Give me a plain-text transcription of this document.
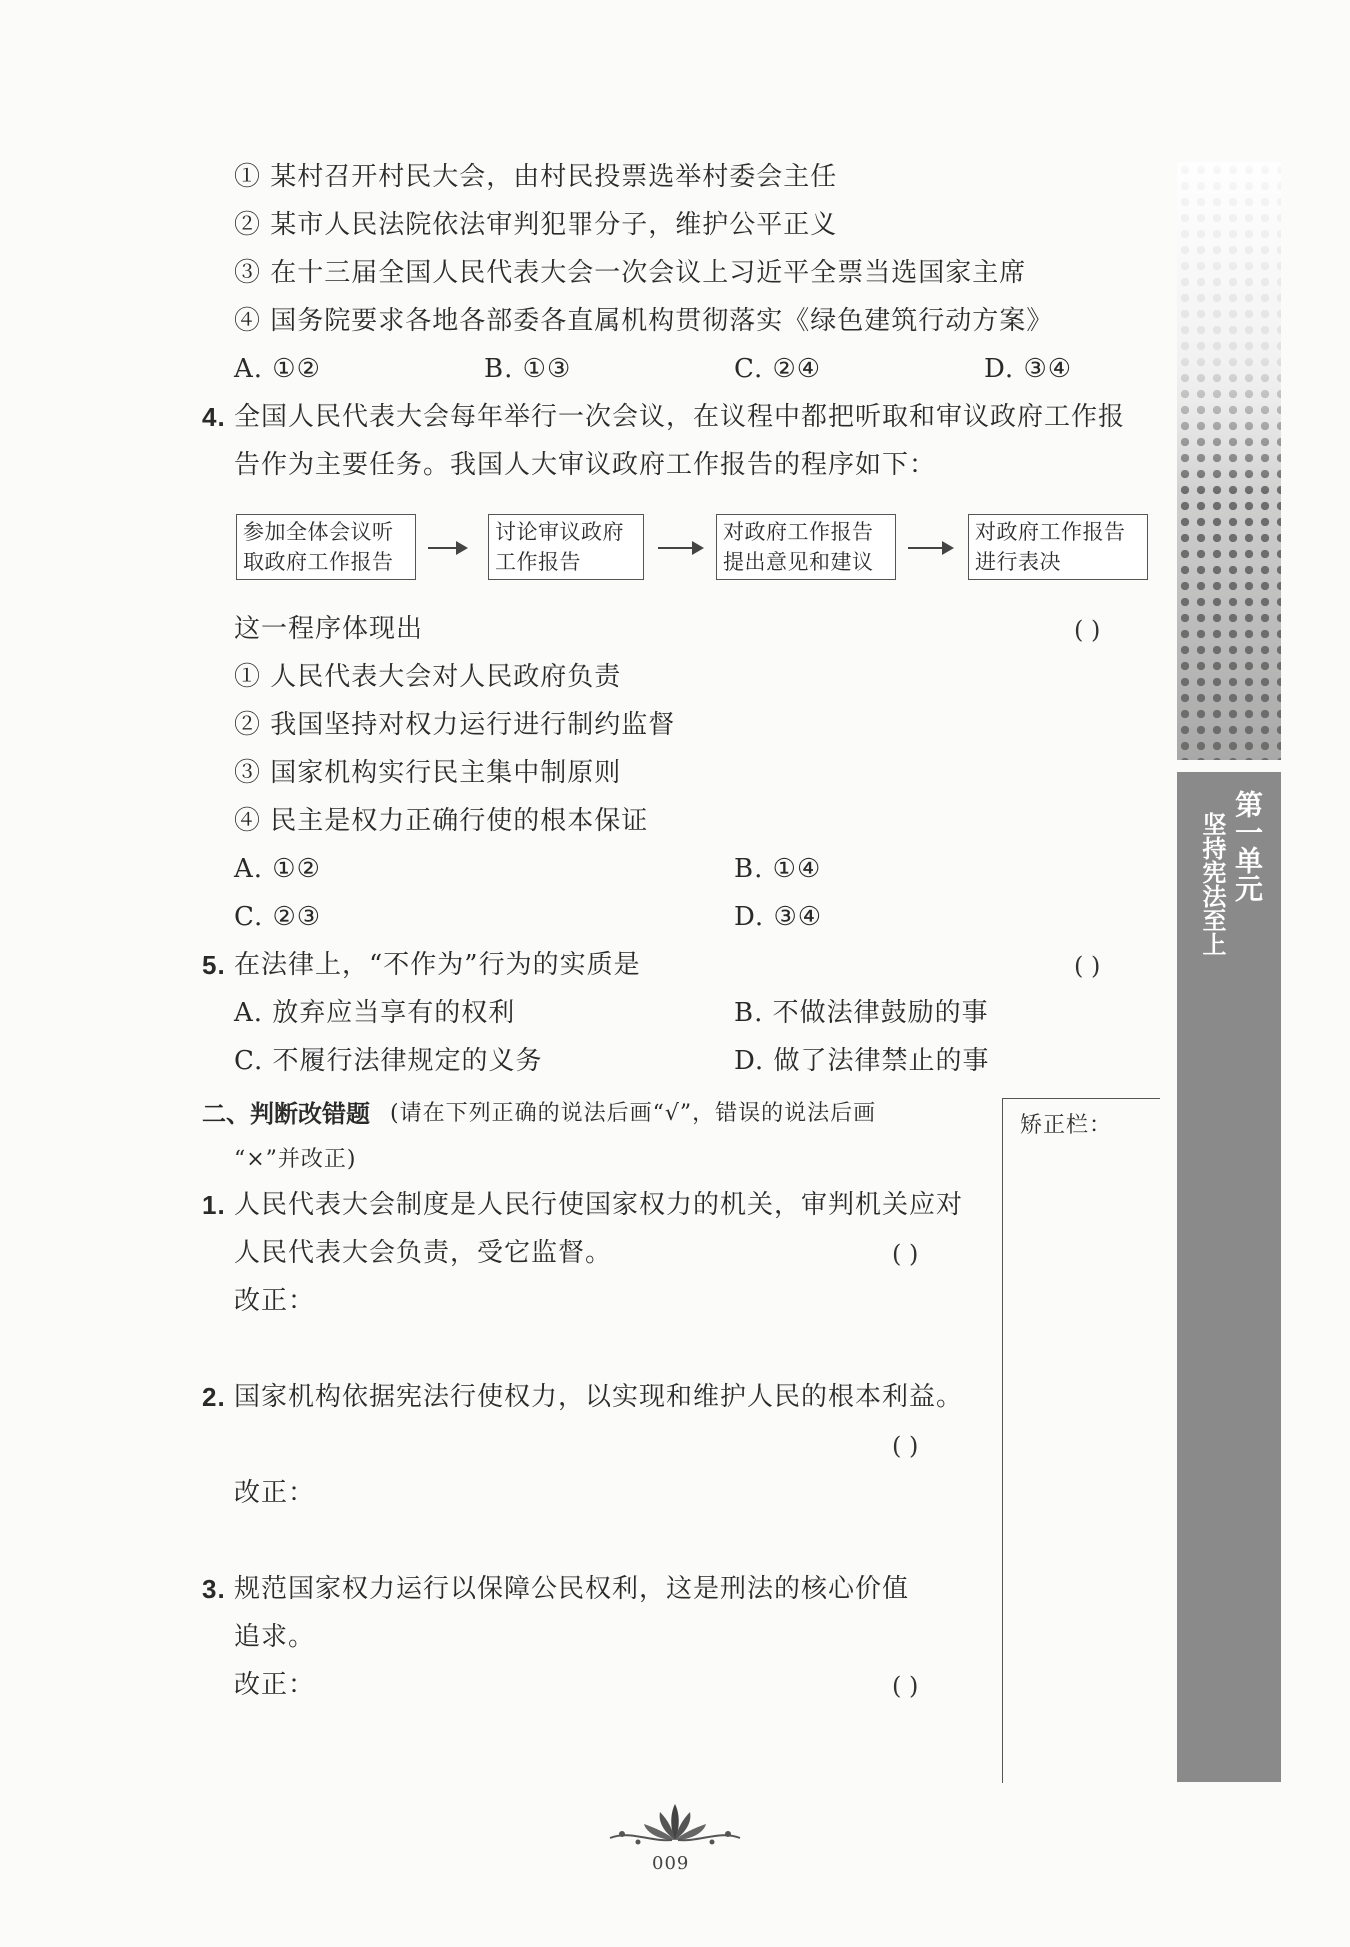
① 某村召开村民大会，由村民投票选举村委会主任
② 某市人民法院依法审判犯罪分子，维护公平正义
③ 在十三届全国人民代表大会一次会议上习近平全票当选国家主席
④ 国务院要求各地各部委各直属机构贯彻落实《绿色建筑行动方案》
A. ①②	B. ①③	C. ②④	D. ③④
4. 全国人民代表大会每年举行一次会议，在议程中都把听取和审议政府工作报
告作为主要任务。我国人大审议政府工作报告的程序如下：
参加全体会议听
取政府工作报告
讨论审议政府
工作报告
对政府工作报告
提出意见和建议
对政府工作报告
进行表决
这一程序体现出	( )
① 人民代表大会对人民政府负责
② 我国坚持对权力运行进行制约监督
③ 国家机构实行民主集中制原则
④ 民主是权力正确行使的根本保证
A. ①②	B. ①④
C. ②③	D. ③④
5. 在法律上，“不作为”行为的实质是	( )
A. 放弃应当享有的权利	B. 不做法律鼓励的事
C. 不履行法律规定的义务	D. 做了法律禁止的事
二、判断改错题 (请在下列正确的说法后画“√”，错误的说法后画
“×”并改正)
1. 人民代表大会制度是人民行使国家权力的机关，审判机关应对
人民代表大会负责，受它监督。	( )
改正：
2. 国家机构依据宪法行使权力，以实现和维护人民的根本利益。
( )
改正：
3. 规范国家权力运行以保障公民权利，这是刑法的核心价值
追求。
改正：	( )
矫正栏：
第一单元
坚持宪法至上
009
